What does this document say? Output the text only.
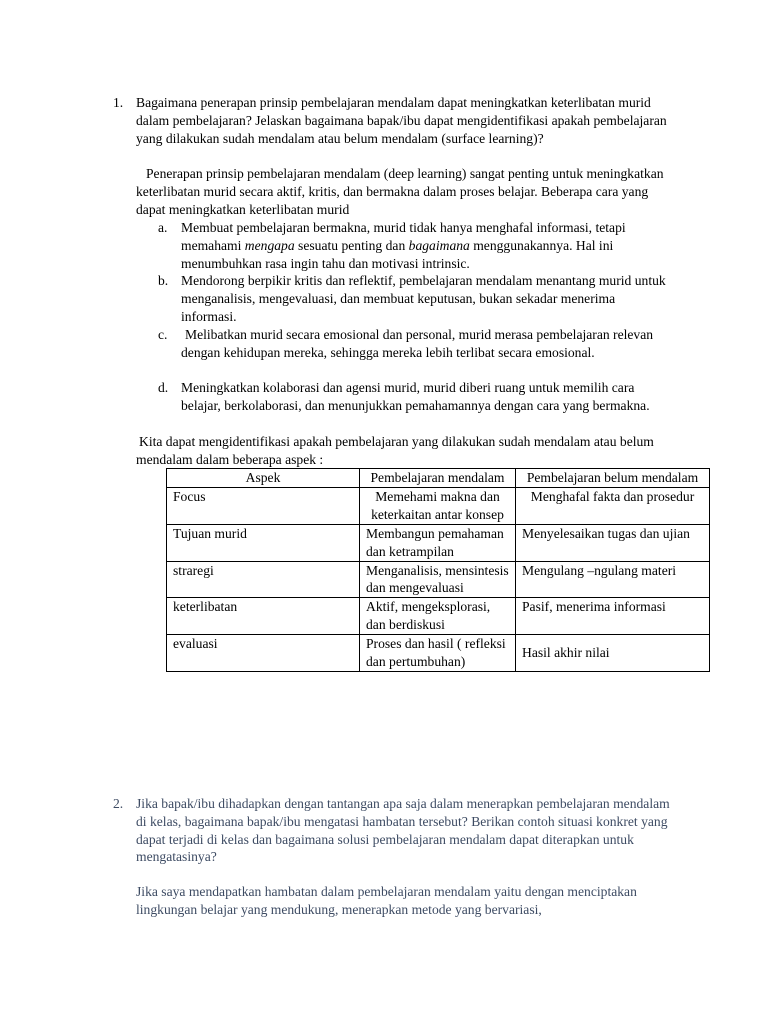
1. Bagaimana penerapan prinsip pembelajaran mendalam dapat meningkatkan keterlibatan murid dalam pembelajaran? Jelaskan bagaimana bapak/ibu dapat mengidentifikasi apakah pembelajaran yang dilakukan sudah mendalam atau belum mendalam (surface learning)?
Penerapan prinsip pembelajaran mendalam (deep learning) sangat penting untuk meningkatkan keterlibatan murid secara aktif, kritis, dan bermakna dalam proses belajar. Beberapa cara yang dapat meningkatkan keterlibatan murid
a. Membuat pembelajaran bermakna, murid tidak hanya menghafal informasi, tetapi memahami mengapa sesuatu penting dan bagaimana menggunakannya. Hal ini menumbuhkan rasa ingin tahu dan motivasi intrinsic.
b. Mendorong berpikir kritis dan reflektif, pembelajaran mendalam menantang murid untuk menganalisis, mengevaluasi, dan membuat keputusan, bukan sekadar menerima informasi.
c.	Melibatkan murid secara emosional dan personal, murid merasa pembelajaran relevan dengan kehidupan mereka, sehingga mereka lebih terlibat secara emosional.
d. Meningkatkan kolaborasi dan agensi murid, murid diberi ruang untuk memilih cara belajar, berkolaborasi, dan menunjukkan pemahamannya dengan cara yang bermakna.
Kita dapat mengidentifikasi apakah pembelajaran yang dilakukan sudah mendalam atau belum mendalam dalam beberapa aspek :
Aspek	Pembelajaran mendalam	Pembelajaran belum mendalam
Focus	Memehami makna dan keterkaitan antar konsep	Menghafal fakta dan prosedur
Tujuan murid	Membangun pemahaman dan ketrampilan	Menyelesaikan tugas dan ujian
straregi	Menganalisis, mensintesis dan mengevaluasi	Mengulang –ngulang materi
keterlibatan	Aktif, mengeksplorasi, dan berdiskusi	Pasif, menerima informasi
evaluasi	Proses dan hasil ( refleksi dan pertumbuhan)	Hasil akhir nilai
2. Jika bapak/ibu dihadapkan dengan tantangan apa saja dalam menerapkan pembelajaran mendalam di kelas, bagaimana bapak/ibu mengatasi hambatan tersebut? Berikan contoh situasi konkret yang dapat terjadi di kelas dan bagaimana solusi pembelajaran mendalam dapat diterapkan untuk mengatasinya?
Jika saya mendapatkan hambatan dalam pembelajaran mendalam yaitu dengan menciptakan lingkungan belajar yang mendukung, menerapkan metode yang bervariasi,
